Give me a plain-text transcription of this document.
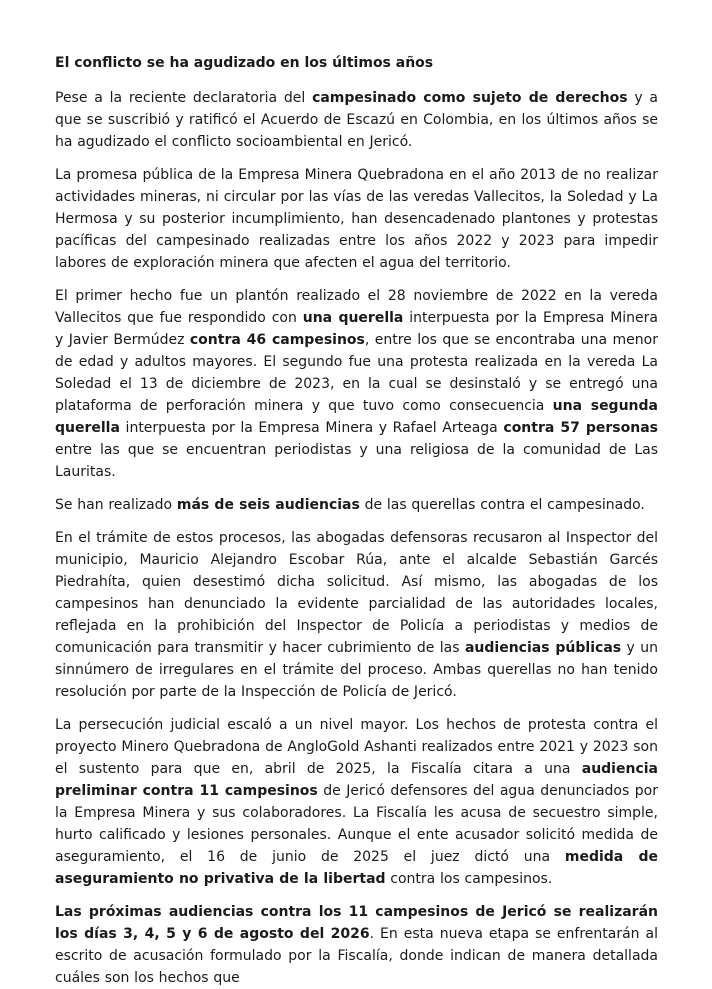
El conflicto se ha agudizado en los últimos años

Pese a la reciente declaratoria del campesinado como sujeto de derechos y a que se suscribió y ratificó el Acuerdo de Escazú en Colombia, en los últimos años se ha agudizado el conflicto socioambiental en Jericó.

La promesa pública de la Empresa Minera Quebradona en el año 2013 de no realizar actividades mineras, ni circular por las vías de las veredas Vallecitos, la Soledad y La Hermosa y su posterior incumplimiento, han desencadenado plantones y protestas pacíficas del campesinado realizadas entre los años 2022 y 2023 para impedir labores de exploración minera que afecten el agua del territorio.

El primer hecho fue un plantón realizado el 28 noviembre de 2022 en la vereda Vallecitos que fue respondido con una querella interpuesta por la Empresa Minera y Javier Bermúdez contra 46 campesinos, entre los que se encontraba una menor de edad y adultos mayores. El segundo fue una protesta realizada en la vereda La Soledad el 13 de diciembre de 2023, en la cual se desinstaló y se entregó una plataforma de perforación minera y que tuvo como consecuencia una segunda querella interpuesta por la Empresa Minera y Rafael Arteaga contra 57 personas entre las que se encuentran periodistas y una religiosa de la comunidad de Las Lauritas.

Se han realizado más de seis audiencias de las querellas contra el campesinado.

En el trámite de estos procesos, las abogadas defensoras recusaron al Inspector del municipio, Mauricio Alejandro Escobar Rúa, ante el alcalde Sebastián Garcés Piedrahíta, quien desestimó dicha solicitud. Así mismo, las abogadas de los campesinos han denunciado la evidente parcialidad de las autoridades locales, reflejada en la prohibición del Inspector de Policía a periodistas y medios de comunicación para transmitir y hacer cubrimiento de las audiencias públicas y un sinnúmero de irregulares en el trámite del proceso. Ambas querellas no han tenido resolución por parte de la Inspección de Policía de Jericó.

La persecución judicial escaló a un nivel mayor. Los hechos de protesta contra el proyecto Minero Quebradona de AngloGold Ashanti realizados entre 2021 y 2023 son el sustento para que en, abril de 2025, la Fiscalía citara a una audiencia preliminar contra 11 campesinos de Jericó defensores del agua denunciados por la Empresa Minera y sus colaboradores. La Fiscalía les acusa de secuestro simple, hurto calificado y lesiones personales. Aunque el ente acusador solicitó medida de aseguramiento, el 16 de junio de 2025 el juez dictó una medida de aseguramiento no privativa de la libertad contra los campesinos.

Las próximas audiencias contra los 11 campesinos de Jericó se realizarán los días 3, 4, 5 y 6 de agosto del 2026. En esta nueva etapa se enfrentarán al escrito de acusación formulado por la Fiscalía, donde indican de manera detallada cuáles son los hechos que
